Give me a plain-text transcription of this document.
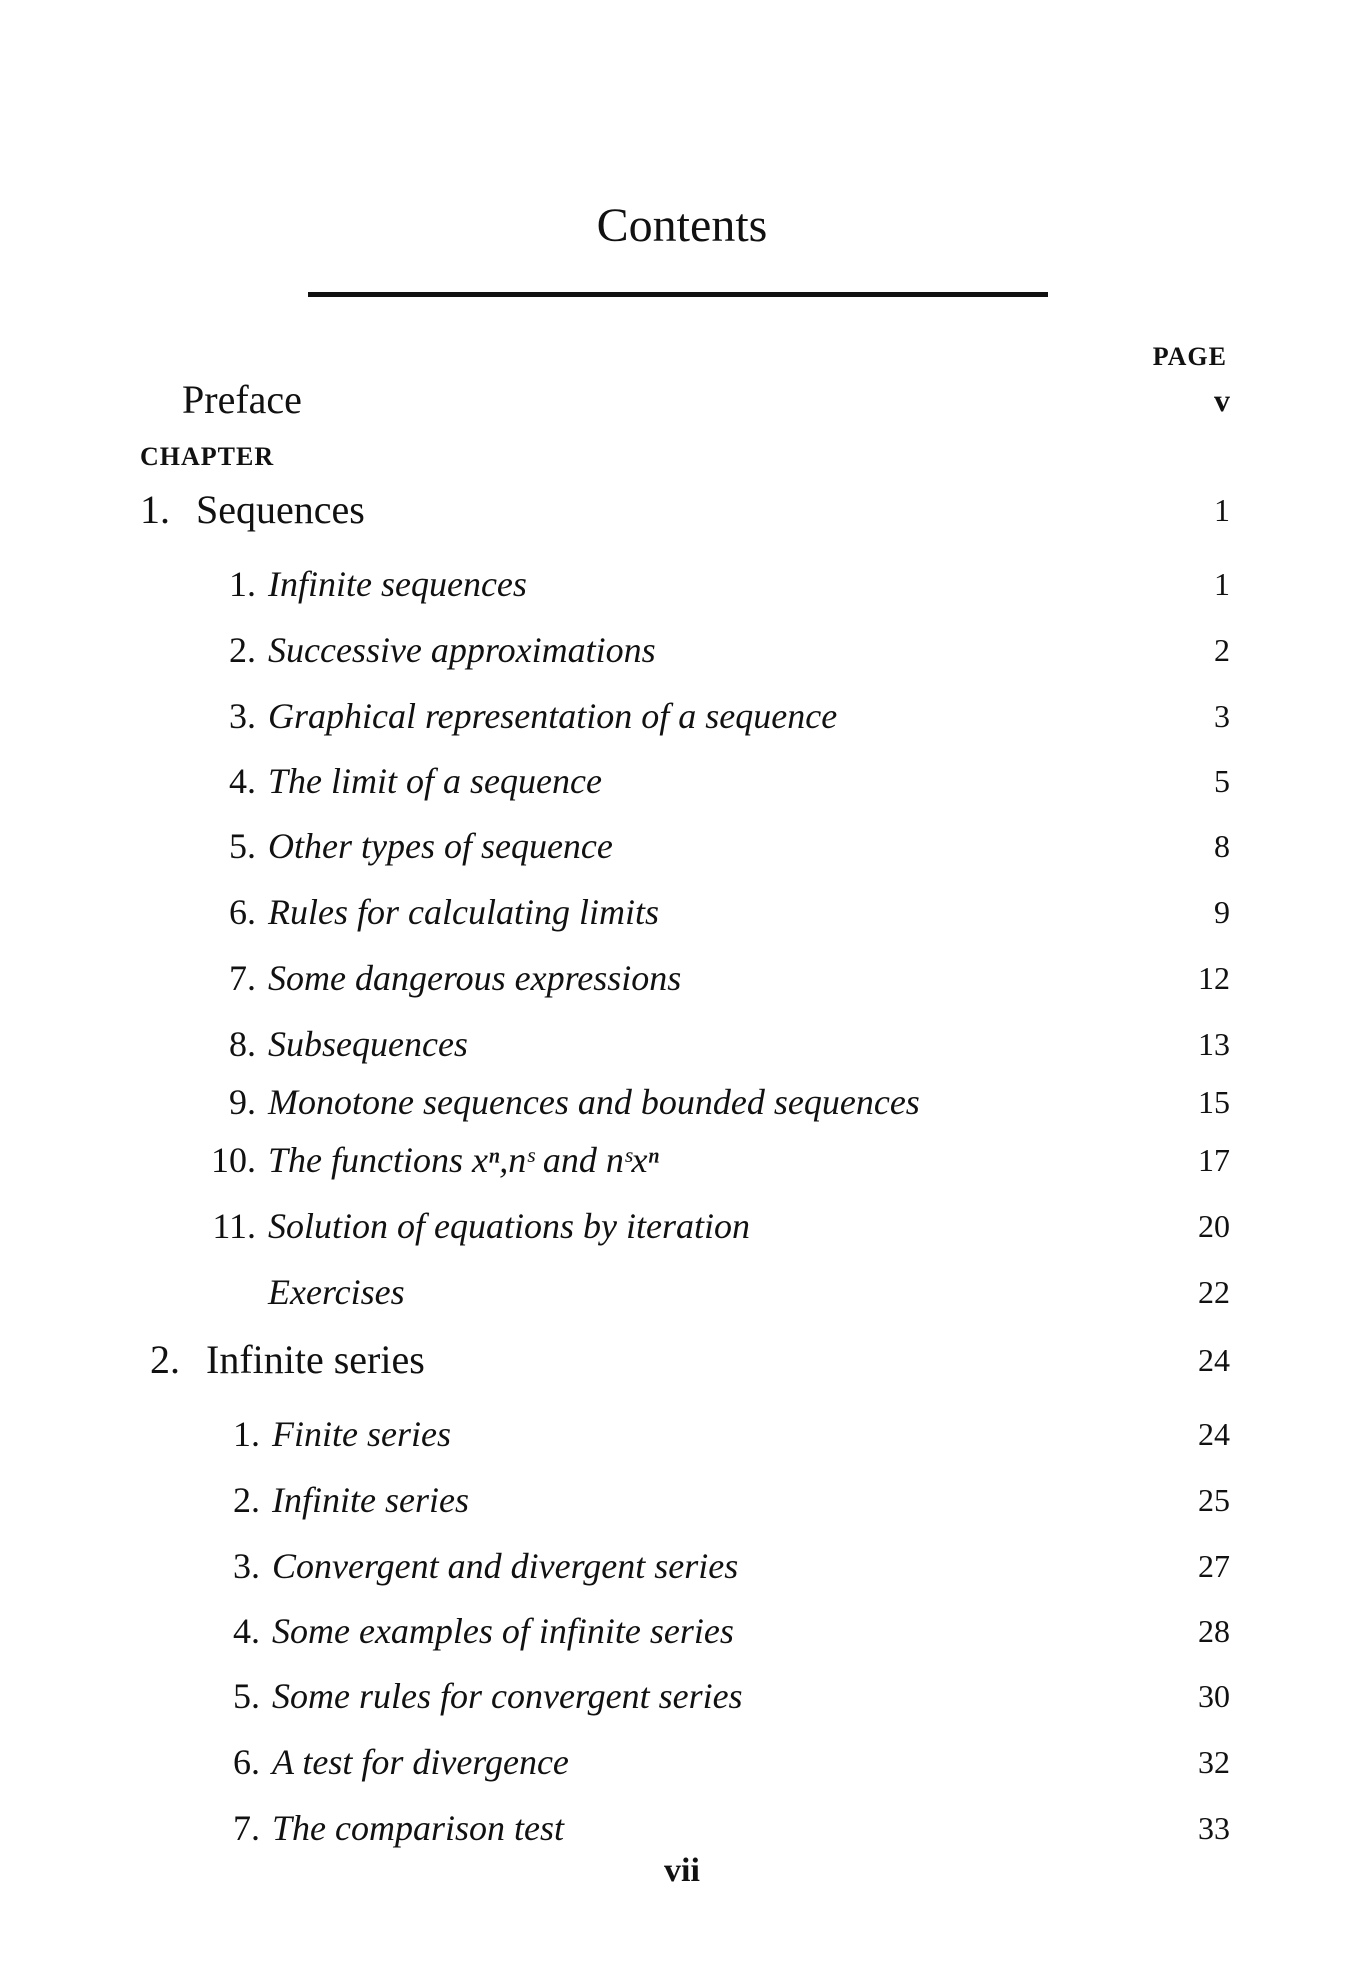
Contents
PAGE
Preface	v
CHAPTER
1. Sequences	1
1. Infinite sequences	1
2. Successive approximations	2
3. Graphical representation of a sequence	3
4. The limit of a sequence	5
5. Other types of sequence	8
6. Rules for calculating limits	9
7. Some dangerous expressions	12
8. Subsequences	13
9. Monotone sequences and bounded sequences	15
10. The functions xⁿ,nˢ and nˢxⁿ	17
11. Solution of equations by iteration	20
Exercises	22
2. Infinite series	24
1. Finite series	24
2. Infinite series	25
3. Convergent and divergent series	27
4. Some examples of infinite series	28
5. Some rules for convergent series	30
6. A test for divergence	32
7. The comparison test	33
vii
